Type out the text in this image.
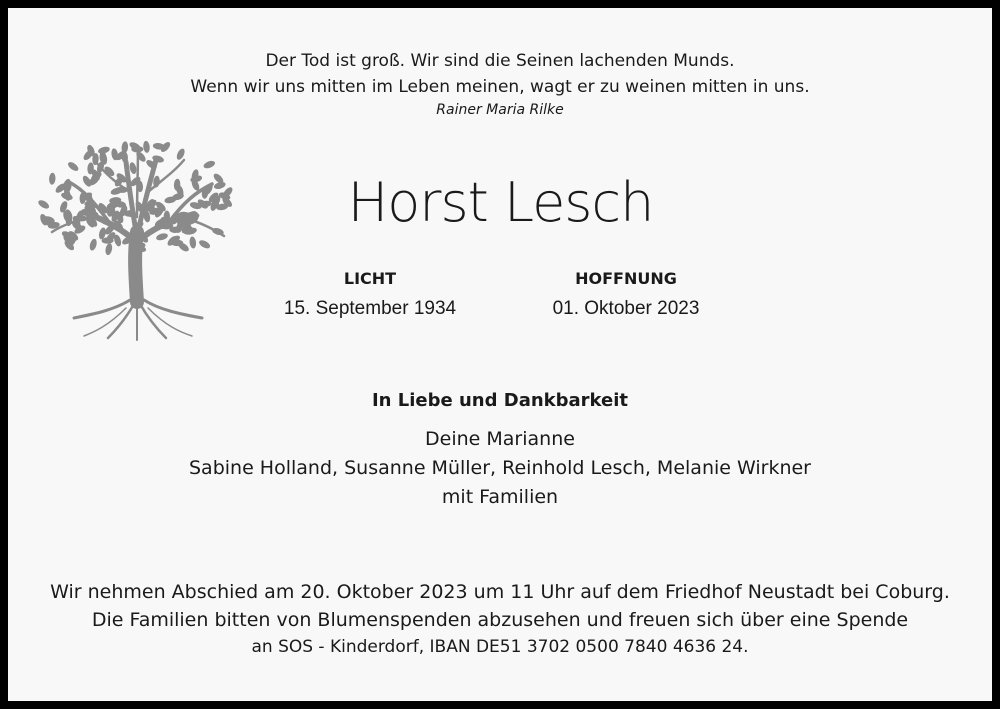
Der Tod ist groß. Wir sind die Seinen lachenden Munds.
Wenn wir uns mitten im Leben meinen, wagt er zu weinen mitten in uns.
Rainer Maria Rilke
Horst Lesch
LICHT
15. September 1934
HOFFNUNG
01. Oktober 2023
In Liebe und Dankbarkeit
Deine Marianne
Sabine Holland, Susanne Müller, Reinhold Lesch, Melanie Wirkner
mit Familien
Wir nehmen Abschied am 20. Oktober 2023 um 11 Uhr auf dem Friedhof Neustadt bei Coburg.
Die Familien bitten von Blumenspenden abzusehen und freuen sich über eine Spende
an SOS - Kinderdorf, IBAN DE51 3702 0500 7840 4636 24.
